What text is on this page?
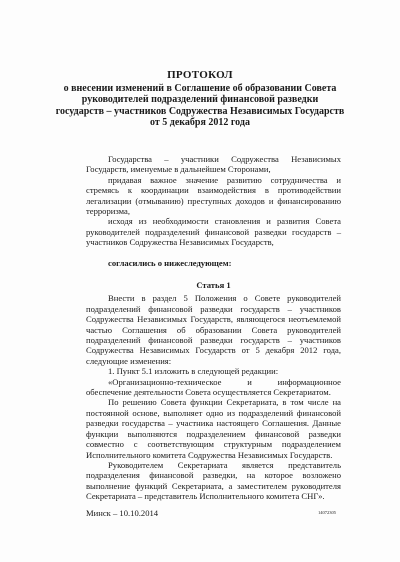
ПРОТОКОЛ
о внесении изменений в Соглашение об образовании Совета
руководителей подразделений финансовой разведки
государств – участников Содружества Независимых Государств
от 5 декабря 2012 года

Государства – участники Содружества Независимых Государств, именуемые в дальнейшем Сторонами,

придавая важное значение развитию сотрудничества и стремясь к координации взаимодействия в противодействии легализации (отмыванию) преступных доходов и финансированию терроризма,

исходя из необходимости становления и развития Совета руководителей подразделений финансовой разведки государств – участников Содружества Независимых Государств,

согласились о нижеследующем:

Статья 1

Внести в раздел 5 Положения о Совете руководителей подразделений финансовой разведки государств – участников Содружества Независимых Государств, являющегося неотъемлемой частью Соглашения об образовании Совета руководителей подразделений финансовой разведки государств – участников Содружества Независимых Государств от 5 декабря 2012 года, следующие изменения:

1. Пункт 5.1 изложить в следующей редакции:

«Организационно-техническое и информационное обеспечение деятельности Совета осуществляется Секретариатом.

По решению Совета функции Секретариата, в том числе на постоянной основе, выполняет одно из подразделений финансовой разведки государства – участника настоящего Соглашения. Данные функции выполняются подразделением финансовой разведки совместно с соответствующим структурным подразделением Исполнительного комитета Содружества Независимых Государств.

Руководителем Секретариата является представитель подразделения финансовой разведки, на которое возложено выполнение функций Секретариата, а заместителем руководителя Секретариата – представитель Исполнительного комитета СНГ».

Минск – 10.10.2014	14072305
